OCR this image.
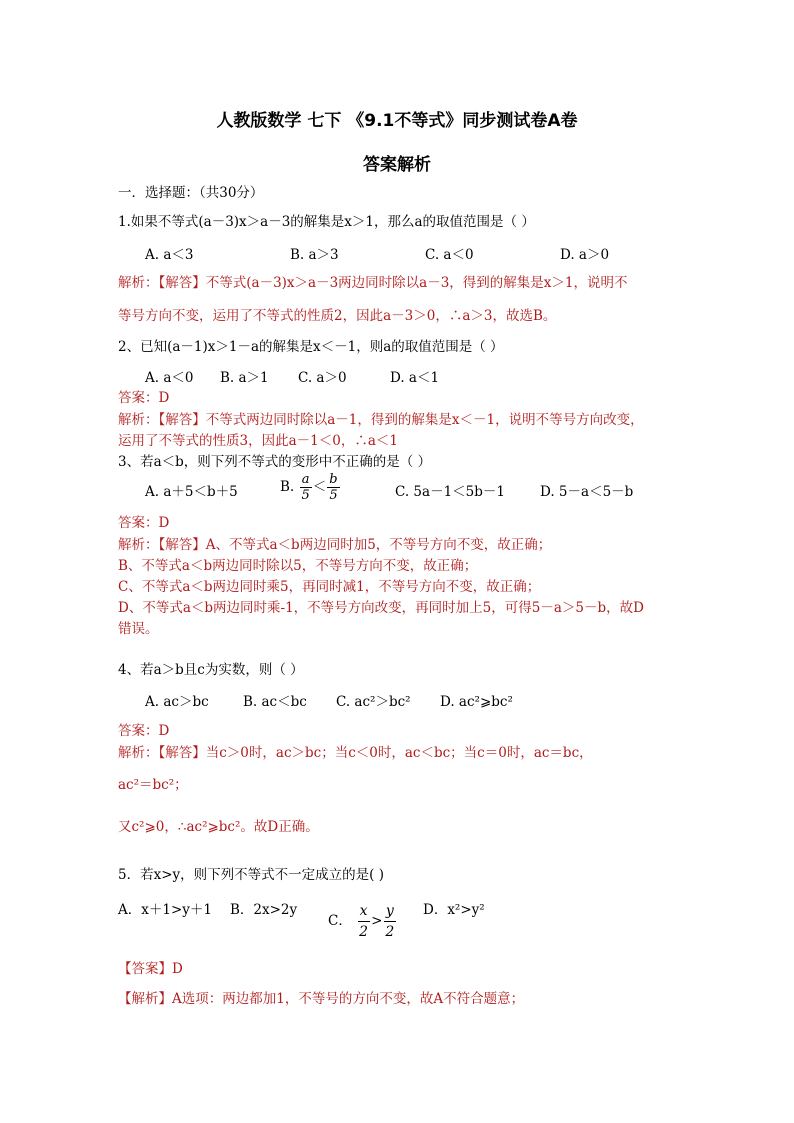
人教版数学 七下 《9.1不等式》同步测试卷A卷
答案解析
一．选择题：（共30分）
1.如果不等式(a－3)x＞a－3的解集是x＞1，那么a的取值范围是（ ）
A. a＜3	B. a＞3	C. a＜0	D. a＞0
解析：【解答】不等式(a－3)x＞a－3两边同时除以a－3，得到的解集是x＞1，说明不
等号方向不变，运用了不等式的性质2，因此a－3＞0，∴a＞3，故选B。
2、已知(a－1)x＞1－a的解集是x＜－1，则a的取值范围是（ ）
A. a＜0 B. a＞1 C. a＞0	D. a＜1
答案：D
解析：【解答】不等式两边同时除以a－1，得到的解集是x＜－1，说明不等号方向改变，
运用了不等式的性质3，因此a－1＜0，∴a＜1
3、若a＜b，则下列不等式的变形中不正确的是（ ）
A. a＋5＜b＋5	B. $\frac{a}{5} < \frac{b}{5}$	C. 5a－1＜5b－1	D. 5－a＜5－b
答案：D
解析：【解答】A、不等式a＜b两边同时加5，不等号方向不变，故正确；
B、不等式a＜b两边同时除以5，不等号方向不变，故正确；
C、不等式a＜b两边同时乘5，再同时减1，不等号方向不变，故正确；
D、不等式a＜b两边同时乘-1，不等号方向改变，再同时加上5，可得5－a＞5－b，故D
错误。
4、若a＞b且c为实数，则（ ）
A. ac＞bc	B. ac＜bc C. ac²＞bc² D. ac²⩾bc²
答案：D
解析：【解答】当c＞0时，ac＞bc；当c＜0时，ac＜bc；当c＝0时，ac＝bc，
ac²＝bc²；
又c²⩾0，∴ac²⩾bc²。故D正确。
5．若x>y，则下列不等式不一定成立的是( )
A．x＋1>y＋1 B．2x>2y
C． $\frac{x}{2} > \frac{y}{2}$ D．x²>y²
【答案】D
【解析】A选项：两边都加1，不等号的方向不变，故A不符合题意；
